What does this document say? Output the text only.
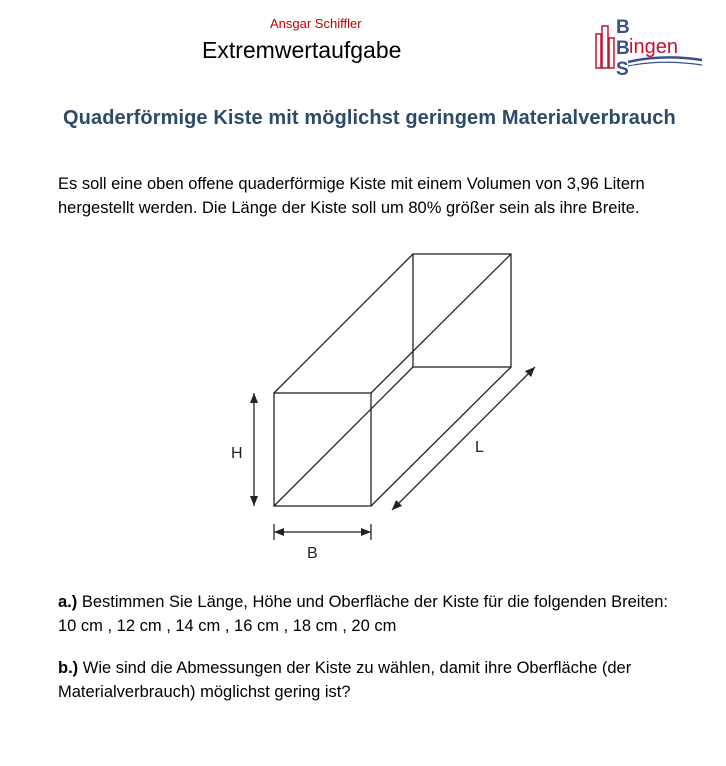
Ansgar Schiffler
Extremwertaufgabe
B
B
S
ingen
Quaderförmige Kiste mit möglichst geringem Materialverbrauch
Es soll eine oben offene quaderförmige Kiste mit einem Volumen von 3,96 Litern
hergestellt werden. Die Länge der Kiste soll um 80% größer sein als ihre Breite.
H	L
B
a.) Bestimmen Sie Länge, Höhe und Oberfläche der Kiste für die folgenden Breiten:
10 cm , 12 cm , 14 cm , 16 cm , 18 cm , 20 cm
b.) Wie sind die Abmessungen der Kiste zu wählen, damit ihre Oberfläche (der
Materialverbrauch) möglichst gering ist?
